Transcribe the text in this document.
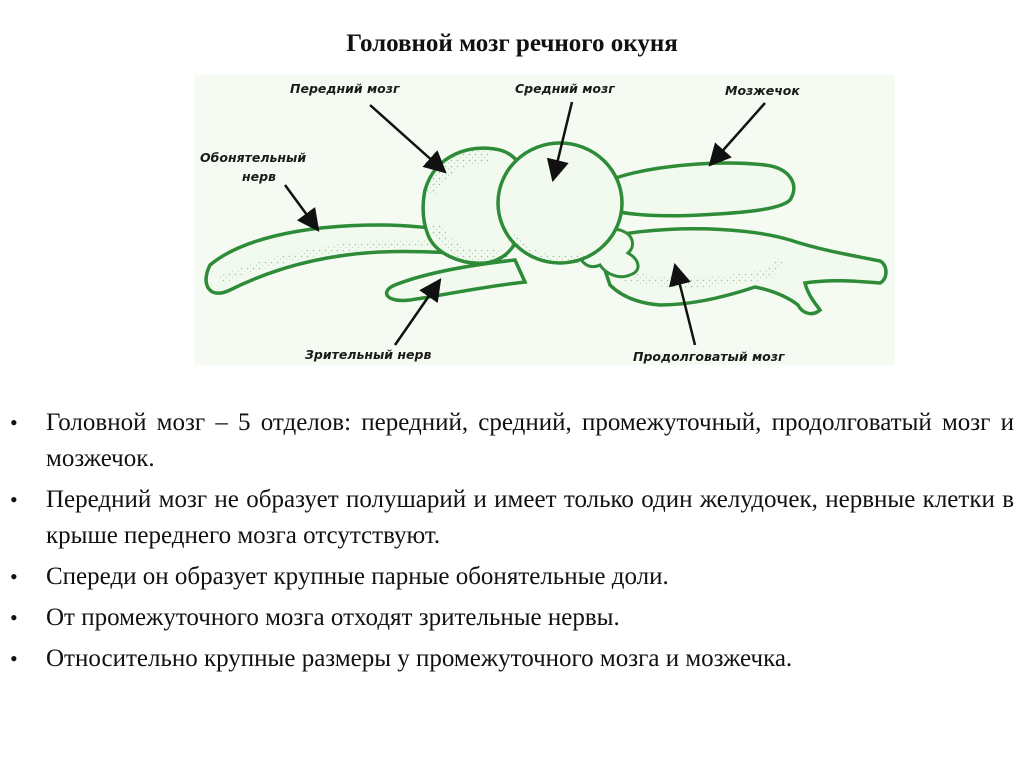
Головной мозг речного окуня
Передний мозг	Средний мозг	Мозжечок
Обонятельный
нерв
Зрительный нерв	Продолговатый мозг
•	Головной мозг – 5 отделов: передний, средний, промежуточный, продолговатый мозг и мозжечок.
•	Передний мозг не образует полушарий и имеет только один желудочек, нервные клетки в крыше переднего мозга отсутствуют.
•	Спереди он образует крупные парные обонятельные доли.
•	От промежуточного мозга отходят зрительные нервы.
•	Относительно крупные размеры у промежуточного мозга и мозжечка.
